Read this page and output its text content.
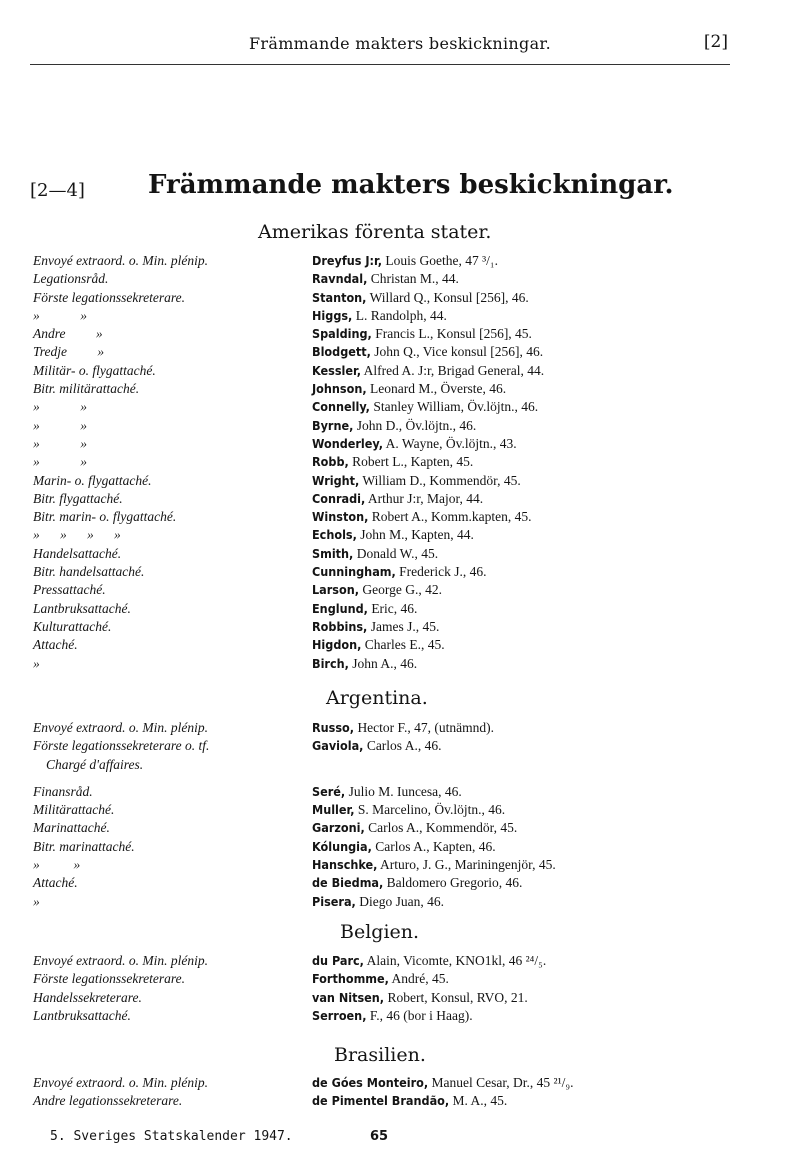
Främmande makters beskickningar.	[2]
[2—4] Främmande makters beskickningar.
Amerikas förenta stater.
Envoyé extraord. o. Min. plénip.	Dreyfus J:r, Louis Goethe, 47 ³/₁.
Legationsråd.	Ravndal, Christan M., 44.
Förste legationssekreterare.	Stanton, Willard Q., Konsul [256], 46.
»            »	Higgs, L. Randolph, 44.
Andre         »	Spalding, Francis L., Konsul [256], 45.
Tredje         »	Blodgett, John Q., Vice konsul [256], 46.
Militär- o. flygattaché.	Kessler, Alfred A. J:r, Brigad General, 44.
Bitr. militärattaché.	Johnson, Leonard M., Överste, 46.
»            »	Connelly, Stanley William, Öv.löjtn., 46.
»            »	Byrne, John D., Öv.löjtn., 46.
»            »	Wonderley, A. Wayne, Öv.löjtn., 43.
»            »	Robb, Robert L., Kapten, 45.
Marin- o. flygattaché.	Wright, William D., Kommendör, 45.
Bitr. flygattaché.	Conradi, Arthur J:r, Major, 44.
Bitr. marin- o. flygattaché.	Winston, Robert A., Komm.kapten, 45.
»      »      »      »	Echols, John M., Kapten, 44.
Handelsattaché.	Smith, Donald W., 45.
Bitr. handelsattaché.	Cunningham, Frederick J., 46.
Pressattaché.	Larson, George G., 42.
Lantbruksattaché.	Englund, Eric, 46.
Kulturattaché.	Robbins, James J., 45.
Attaché.	Higdon, Charles E., 45.
»	Birch, John A., 46.
Argentina.
Envoyé extraord. o. Min. plénip.	Russo, Hector F., 47, (utnämnd).
Förste legationssekreterare o. tf.	Gaviola, Carlos A., 46.
Chargé d'affaires.
Finansråd.	Seré, Julio M. Iuncesa, 46.
Militärattaché.	Muller, S. Marcelino, Öv.löjtn., 46.
Marinattaché.	Garzoni, Carlos A., Kommendör, 45.
Bitr. marinattaché.	Kólungia, Carlos A., Kapten, 46.
»          »	Hanschke, Arturo, J. G., Mariningenjör, 45.
Attaché.	de Biedma, Baldomero Gregorio, 46.
»	Pisera, Diego Juan, 46.
Belgien.
Envoyé extraord. o. Min. plénip.	du Parc, Alain, Vicomte, KNO1kl, 46 ²⁴/₅.
Förste legationssekreterare.	Forthomme, André, 45.
Handelssekreterare.	van Nitsen, Robert, Konsul, RVO, 21.
Lantbruksattaché.	Serroen, F., 46 (bor i Haag).
Brasilien.
Envoyé extraord. o. Min. plénip.	de Góes Monteiro, Manuel Cesar, Dr., 45 ²¹/₉.
Andre legationssekreterare.	de Pimentel Brandão, M. A., 45.
5. Sveriges Statskalender 1947.	65
